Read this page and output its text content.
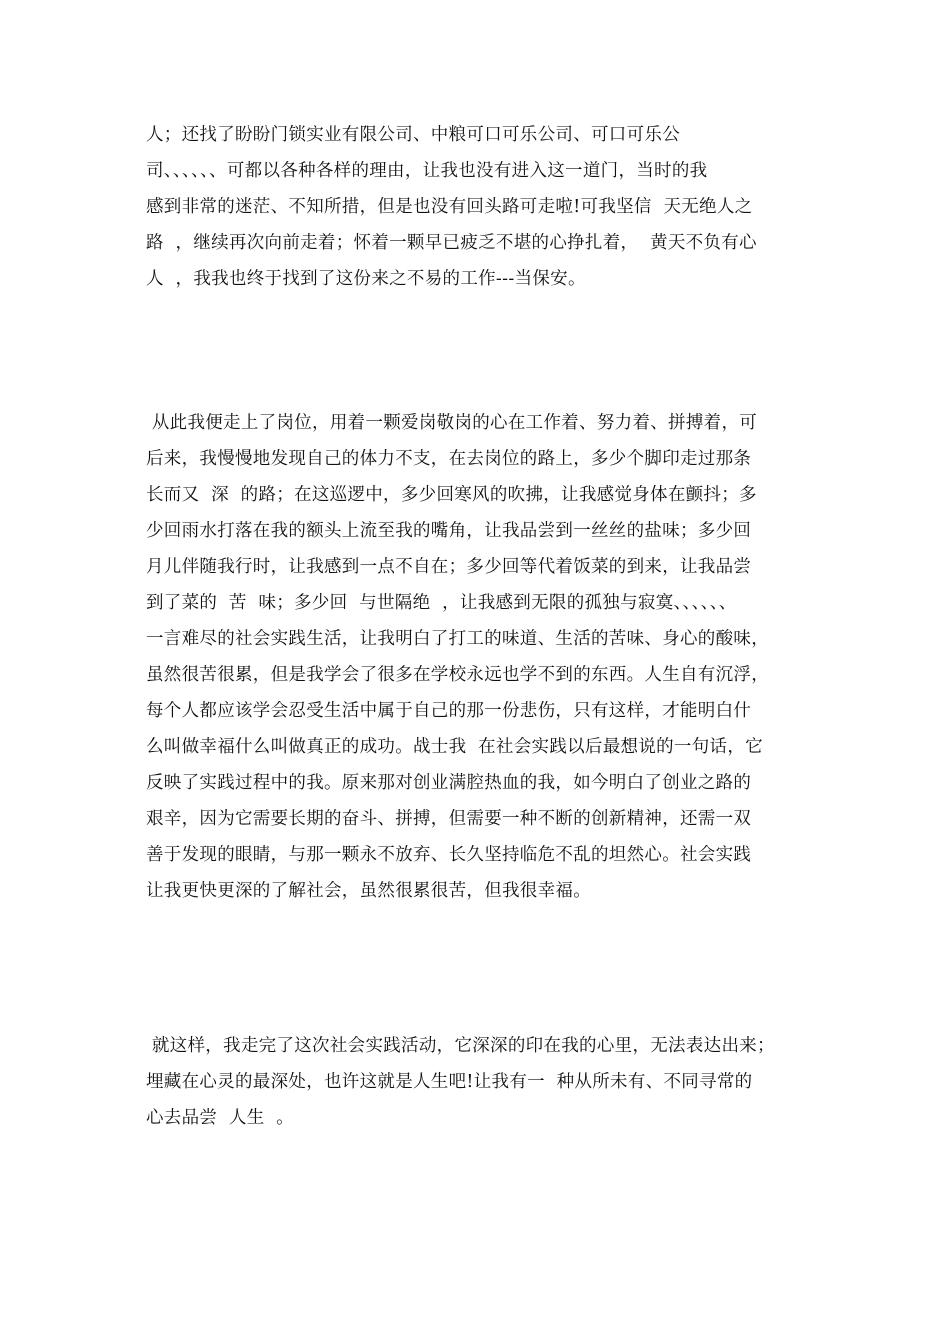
人；还找了盼盼门锁实业有限公司、中粮可口可乐公司、可口可乐公
司、、、、、、可都以各种各样的理由，让我也没有进入这一道门，当时的我
感到非常的迷茫、不知所措，但是也没有回头路可走啦!可我坚信  天无绝人之
路  ，继续再次向前走着；怀着一颗早已疲乏不堪的心挣扎着，  黄天不负有心
人  ，我我也终于找到了这份来之不易的工作---当保安。
从此我便走上了岗位，用着一颗爱岗敬岗的心在工作着、努力着、拼搏着，可
后来，我慢慢地发现自己的体力不支，在去岗位的路上，多少个脚印走过那条
长而又  深  的路；在这巡逻中，多少回寒风的吹拂，让我感觉身体在颤抖；多
少回雨水打落在我的额头上流至我的嘴角，让我品尝到一丝丝的盐味；多少回
月儿伴随我行时，让我感到一点不自在；多少回等代着饭菜的到来，让我品尝
到了菜的  苦  味；多少回  与世隔绝  ，让我感到无限的孤独与寂寞、、、、、、
一言难尽的社会实践生活，让我明白了打工的味道、生活的苦味、身心的酸味，
虽然很苦很累，但是我学会了很多在学校永远也学不到的东西。人生自有沉浮，
每个人都应该学会忍受生活中属于自己的那一份悲伤，只有这样，才能明白什
么叫做幸福什么叫做真正的成功。战士我  在社会实践以后最想说的一句话，它
反映了实践过程中的我。原来那对创业满腔热血的我，如今明白了创业之路的
艰辛，因为它需要长期的奋斗、拼搏，但需要一种不断的创新精神，还需一双
善于发现的眼睛，与那一颗永不放弃、长久坚持临危不乱的坦然心。社会实践
让我更快更深的了解社会，虽然很累很苦，但我很幸福。
就这样，我走完了这次社会实践活动，它深深的印在我的心里，无法表达出来；
埋藏在心灵的最深处，也许这就是人生吧!让我有一  种从所未有、不同寻常的
心去品尝  人生  。
